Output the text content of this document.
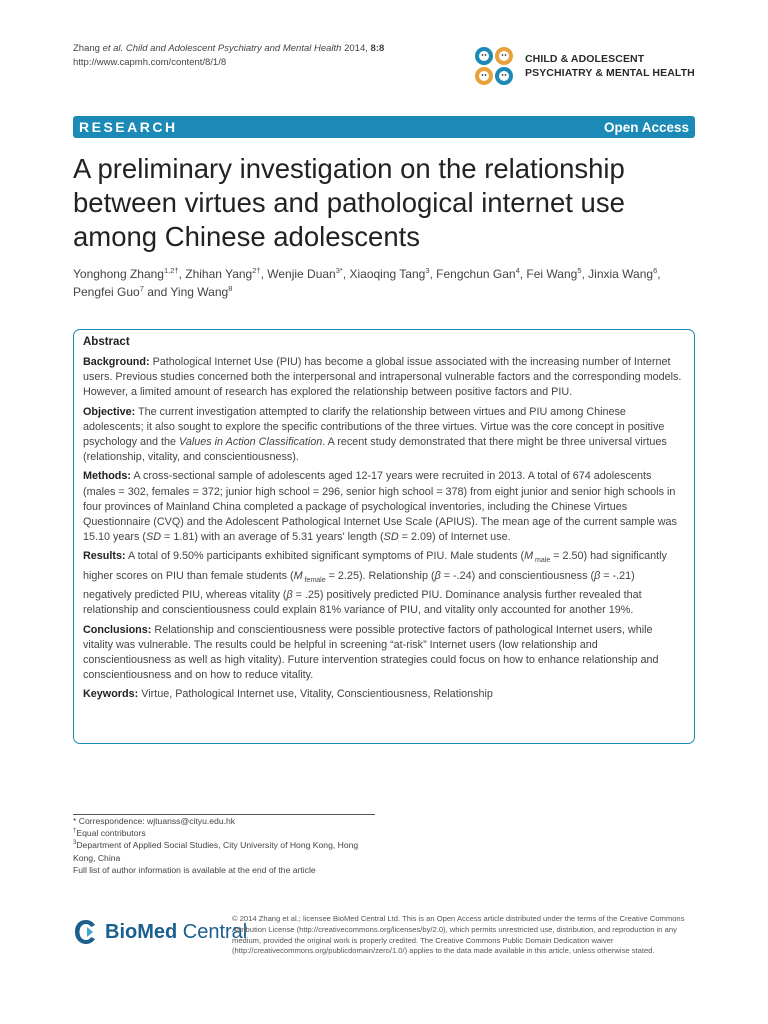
Zhang et al. Child and Adolescent Psychiatry and Mental Health 2014, 8:8
http://www.capmh.com/content/8/1/8	CHILD & ADOLESCENT
PSYCHIATRY & MENTAL HEALTH
RESEARCH	Open Access
A preliminary investigation on the relationship between virtues and pathological internet use among Chinese adolescents
Yonghong Zhang$^{1,2\dagger}$, Zhihan Yang$^{2\dagger}$, Wenjie Duan$^{3*}$, Xiaoqing Tang$^3$, Fengchun Gan$^4$, Fei Wang$^5$, Jinxia Wang$^6$, Pengfei Guo$^7$ and Ying Wang$^8$
Abstract

Background: Pathological Internet Use (PIU) has become a global issue associated with the increasing number of Internet users. Previous studies concerned both the interpersonal and intrapersonal vulnerable factors and the corresponding models. However, a limited amount of research has explored the relationship between positive factors and PIU.

Objective: The current investigation attempted to clarify the relationship between virtues and PIU among Chinese adolescents; it also sought to explore the specific contributions of the three virtues. Virtue was the core concept in positive psychology and the Values in Action Classification. A recent study demonstrated that there might be three universal virtues (relationship, vitality, and conscientiousness).

Methods: A cross-sectional sample of adolescents aged 12-17 years were recruited in 2013. A total of 674 adolescents (males = 302, females = 372; junior high school = 296, senior high school = 378) from eight junior and senior high schools in four provinces of Mainland China completed a package of psychological inventories, including the Chinese Virtues Questionnaire (CVQ) and the Adolescent Pathological Internet Use Scale (APIUS). The mean age of the current sample was 15.10 years (SD = 1.81) with an average of 5.31 years' length (SD = 2.09) of Internet use.

Results: A total of 9.50% participants exhibited significant symptoms of PIU. Male students (M $_{male}$ = 2.50) had significantly higher scores on PIU than female students (M $_{female}$ = 2.25). Relationship (β = -.24) and conscientiousness (β = -.21) negatively predicted PIU, whereas vitality (β = .25) positively predicted PIU. Dominance analysis further revealed that relationship and conscientiousness could explain 81% variance of PIU, and vitality only accounted for another 19%.

Conclusions: Relationship and conscientiousness were possible protective factors of pathological Internet users, while vitality was vulnerable. The results could be helpful in screening “at-risk” Internet users (low relationship and conscientiousness as well as high vitality). Future intervention strategies could focus on how to enhance relationship and conscientiousness and on how to reduce vitality.

Keywords: Virtue, Pathological Internet use, Vitality, Conscientiousness, Relationship

* Correspondence: wjtuanss@cityu.edu.hk
†Equal contributors
$^3$Department of Applied Social Studies, City University of Hong Kong, Hong Kong, China
Full list of author information is available at the end of the article
BioMed Central
© 2014 Zhang et al.; licensee BioMed Central Ltd. This is an Open Access article distributed under the terms of the Creative Commons Attribution License (http://creativecommons.org/licenses/by/2.0), which permits unrestricted use, distribution, and reproduction in any medium, provided the original work is properly credited. The Creative Commons Public Domain Dedication waiver (http://creativecommons.org/publicdomain/zero/1.0/) applies to the data made available in this article, unless otherwise stated.
